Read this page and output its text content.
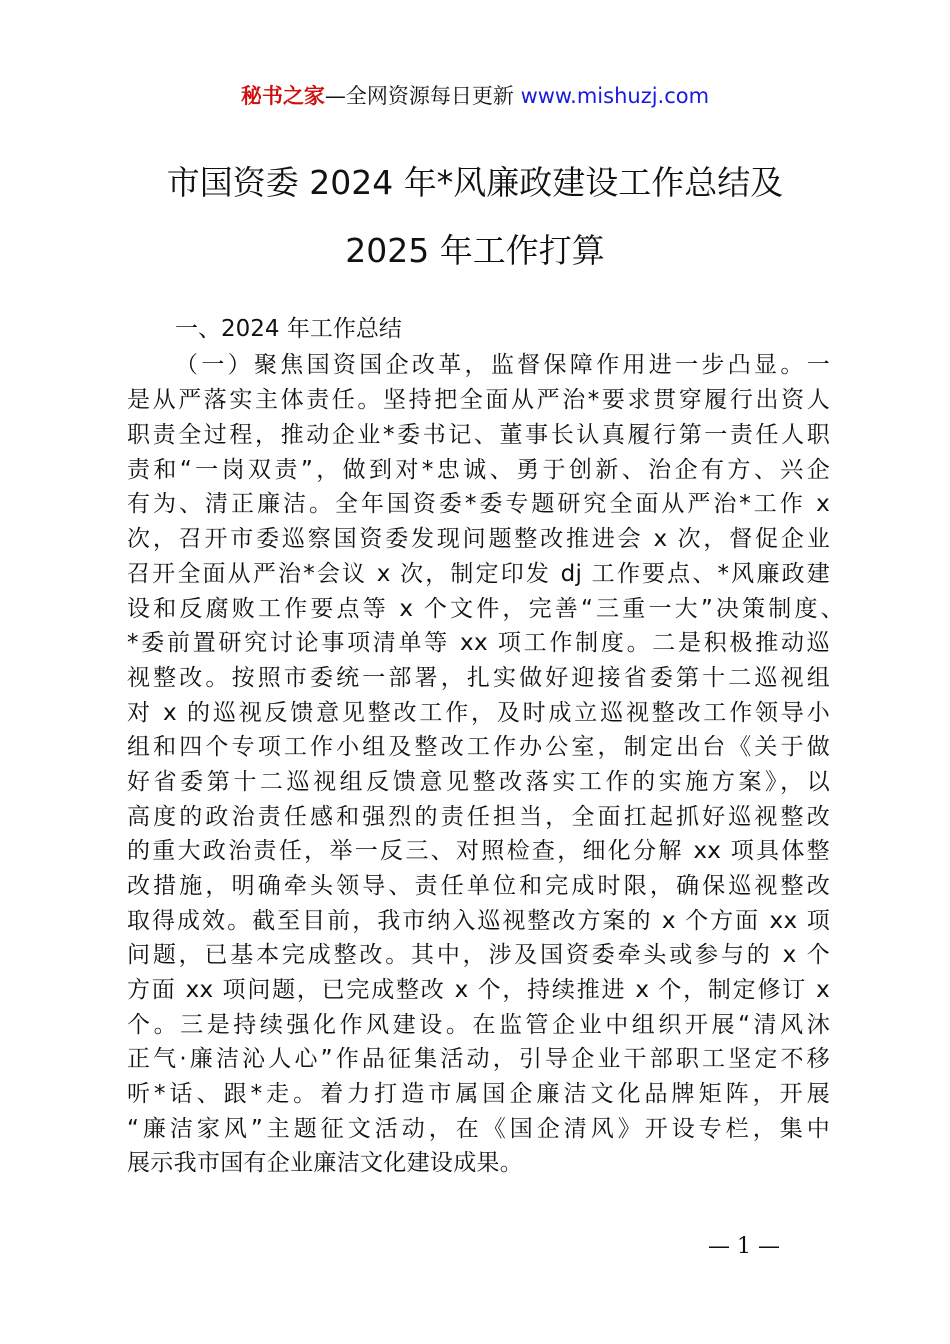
秘书之家—全网资源每日更新 www.mishuzj.com
市国资委 2024 年*风廉政建设工作总结及
2025 年工作打算
一、2024 年工作总结
（一）聚焦国资国企改革，监督保障作用进一步凸显。一
是从严落实主体责任。坚持把全面从严治*要求贯穿履行出资人
职责全过程，推动企业*委书记、董事长认真履行第一责任人职
责和“一岗双责”，做到对*忠诚、勇于创新、治企有方、兴企
有为、清正廉洁。全年国资委*委专题研究全面从严治*工作 x
次，召开市委巡察国资委发现问题整改推进会 x 次，督促企业
召开全面从严治*会议 x 次，制定印发 dj 工作要点、*风廉政建
设和反腐败工作要点等 x 个文件，完善“三重一大”决策制度、
*委前置研究讨论事项清单等 xx 项工作制度。二是积极推动巡
视整改。按照市委统一部署，扎实做好迎接省委第十二巡视组
对 x 的巡视反馈意见整改工作，及时成立巡视整改工作领导小
组和四个专项工作小组及整改工作办公室，制定出台《关于做
好省委第十二巡视组反馈意见整改落实工作的实施方案》，以
高度的政治责任感和强烈的责任担当，全面扛起抓好巡视整改
的重大政治责任，举一反三、对照检查，细化分解 xx 项具体整
改措施，明确牵头领导、责任单位和完成时限，确保巡视整改
取得成效。截至目前，我市纳入巡视整改方案的 x 个方面 xx 项
问题，已基本完成整改。其中，涉及国资委牵头或参与的 x 个
方面 xx 项问题，已完成整改 x 个，持续推进 x 个，制定修订 x
个。三是持续强化作风建设。在监管企业中组织开展“清风沐
正气·廉洁沁人心”作品征集活动，引导企业干部职工坚定不移
听*话、跟*走。着力打造市属国企廉洁文化品牌矩阵，开展
“廉洁家风”主题征文活动，在《国企清风》开设专栏，集中
展示我市国有企业廉洁文化建设成果。
— 1 —
